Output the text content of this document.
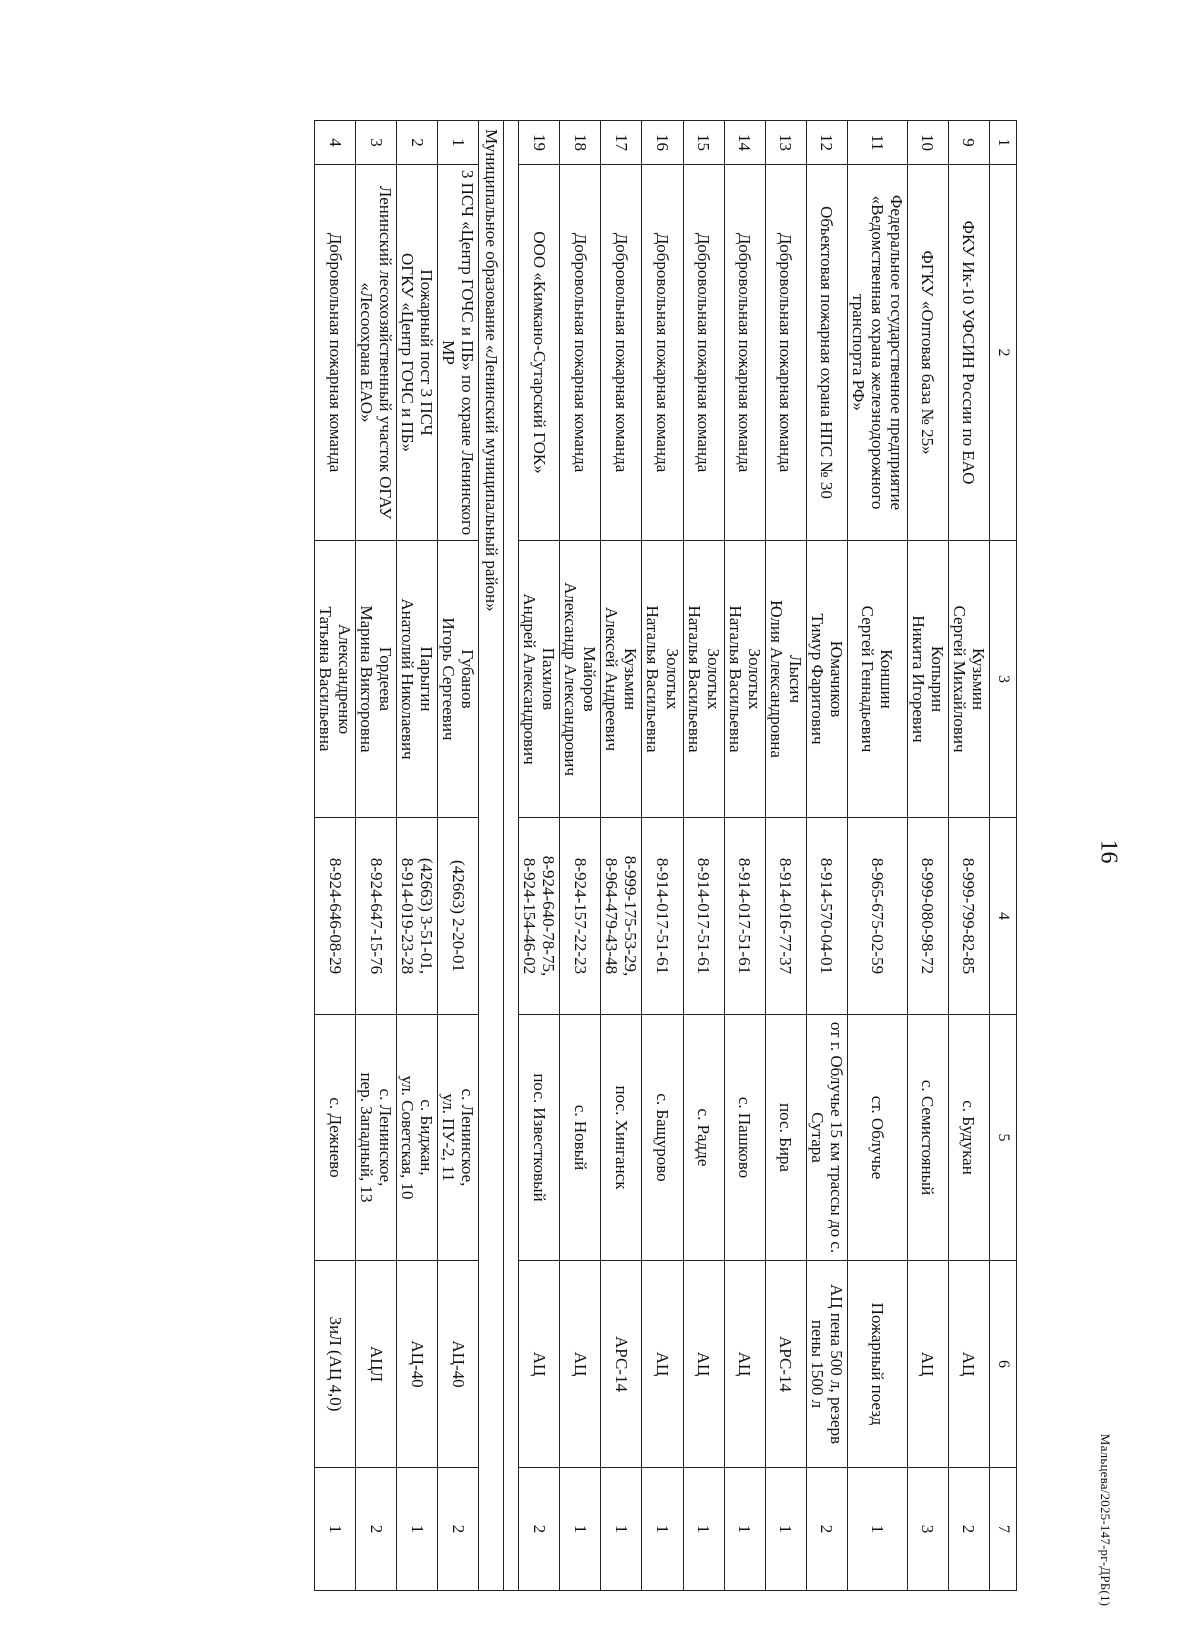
16
Мальцева/2025-147-рг-ДРБ(1)
1	2	3	4	5	6	7
9	ФКУ Ик-10 УФСИН России по ЕАО	Кузьмин
Сергей Михайлович	8-999-799-82-85	с. Будукан	АЦ	2
10	ФГКУ «Оптовая база № 25»	Копырин
Никита Игоревич	8-999-080-98-72	с. Семистояный	АЦ	3
11	Федеральное государственное предприятие «Ведомственная охрана железнодорожного транспорта РФ»	Коншин
Сергей Геннадьевич	8-965-675-02-59	ст. Облучье	Пожарный поезд	1
12	Объектовая пожарная охрана НПС № 30	Юмачиков
Тимур Фаритович	8-914-570-04-01	от г. Облучье 15 км трассы до с. Сутара	АЦ пена 500 л, резерв пены 1500 л	2
13	Добровольная пожарная команда	Лысич
Юлия Александровна	8-914-016-77-37	пос. Бира	АРС-14	1
14	Добровольная пожарная команда	Золотых
Наталья Васильевна	8-914-017-51-61	с. Пашково	АЦ	1
15	Добровольная пожарная команда	Золотых
Наталья Васильевна	8-914-017-51-61	с. Радде	АЦ	1
16	Добровольная пожарная команда	Золотых
Наталья Васильевна	8-914-017-51-61	с. Бащурово	АЦ	1
17	Добровольная пожарная команда	Кузьмин
Алексей Андреевич	8-999-175-53-29,
8-964-479-43-48	пос. Хинганск	АРС-14	1
18	Добровольная пожарная команда	Майоров
Александр Александрович	8-924-157-22-23	с. Новый	АЦ	1
19	ООО «Кимкано-Сутарский ГОК»	Пахилов
Андрей Александрович	8-924-640-78-75,
8-924-154-46-02	пос. Известковый	АЦ	2

Муниципальное образование «Ленинский муниципальный район»						
1	3 ПСЧ «Центр ГОЧС и ПБ» по охране Ленинского МР	Губанов
Игорь Сергеевич	(42663) 2-20-01	с. Ленинское,
ул. ПУ-2, 11	АЦ-40	2
2	Пожарный пост 3 ПСЧ
ОГКУ «Центр ГОЧС и ПБ»	Парыгин
Анатолий Николаевич	(42663) 3-51-01,
8-914-019-23-28	с. Биджан,
ул. Советская, 10	АЦ-40	1
3	Ленинский лесохозяйственный участок ОГАУ «Лесоохрана ЕАО»	Гордеева
Марина Викторовна	8-924-647-15-76	с. Ленинское,
пер. Западный, 13	АЦЛ	2
4	Добровольная пожарная команда	Александренко
Татьяна Васильевна	8-924-646-08-29	с. Дежнево	ЗиЛ (АЦ 4,0)	1
